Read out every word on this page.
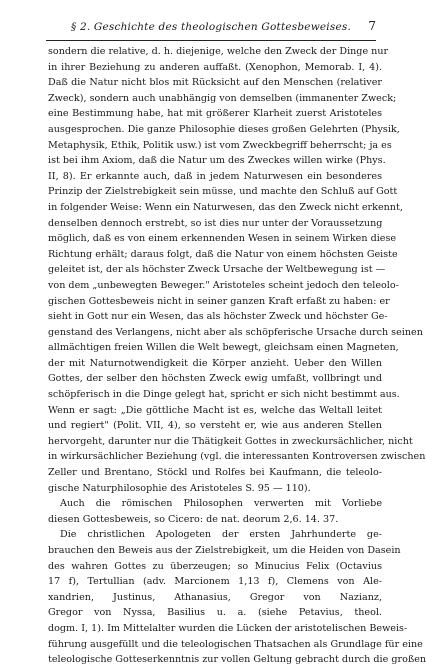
§ 2. Geschichte des theologischen Gottesbeweises. 7
sondern die relative, d. h. diejenige, welche den Zweck der Dinge nur
in ihrer Beziehung zu anderen auffaßt. (Xenophon, Memorab. I, 4).
Daß die Natur nicht blos mit Rücksicht auf den Menschen (relativer
Zweck), sondern auch unabhängig von demselben (immanenter Zweck;
eine Bestimmung habe, hat mit größerer Klarheit zuerst Aristoteles
ausgesprochen. Die ganze Philosophie dieses großen Gelehrten (Physik,
Metaphysik, Ethik, Politik usw.) ist vom Zweckbegriff beherrscht; ja es
ist bei ihm Axiom, daß die Natur um des Zweckes willen wirke (Phys.
II, 8). Er erkannte auch, daß in jedem Naturwesen ein besonderes
Prinzip der Zielstrebigkeit sein müsse, und machte den Schluß auf Gott
in folgender Weise: Wenn ein Naturwesen, das den Zweck nicht erkennt,
denselben dennoch erstrebt, so ist dies nur unter der Voraussetzung
möglich, daß es von einem erkennenden Wesen in seinem Wirken diese
Richtung erhält; daraus folgt, daß die Natur von einem höchsten Geiste
geleitet ist, der als höchster Zweck Ursache der Weltbewegung ist —
von dem „unbewegten Beweger." Aristoteles scheint jedoch den teleolo-
gischen Gottesbeweis nicht in seiner ganzen Kraft erfaßt zu haben: er
sieht in Gott nur ein Wesen, das als höchster Zweck und höchster Ge-
genstand des Verlangens, nicht aber als schöpferische Ursache durch seinen
allmächtigen freien Willen die Welt bewegt, gleichsam einen Magneten,
der mit Naturnotwendigkeit die Körper anzieht. Ueber den Willen
Gottes, der selber den höchsten Zweck ewig umfaßt, vollbringt und
schöpferisch in die Dinge gelegt hat, spricht er sich nicht bestimmt aus.
Wenn er sagt: „Die göttliche Macht ist es, welche das Weltall leitet
und regiert" (Polit. VII, 4), so versteht er, wie aus anderen Stellen
hervorgeht, darunter nur die Thätigkeit Gottes in zweckursächlicher, nicht
in wirkursächlicher Beziehung (vgl. die interessanten Kontroversen zwischen
Zeller und Brentano, Stöckl und Rolfes bei Kaufmann, die teleolo-
gische Naturphilosophie des Aristoteles S. 95 — 110).
Auch die römischen Philosophen verwerten mit Vorliebe
diesen Gottesbeweis, so Cicero: de nat. deorum 2,6. 14. 37.
Die christlichen Apologeten der ersten Jahrhunderte ge-
brauchen den Beweis aus der Zielstrebigkeit, um die Heiden von Dasein
des wahren Gottes zu überzeugen; so Minucius Felix (Octavius
17 f), Tertullian (adv. Marcionem 1,13 f), Clemens von Ale-
xandrien, Justinus, Athanasius, Gregor von Nazianz,
Gregor von Nyssa, Basilius u. a. (siehe Petavius, theol.
dogm. I, 1). Im Mittelalter wurden die Lücken der aristotelischen Beweis-
führung ausgefüllt und die teleologischen Thatsachen als Grundlage für eine
teleologische Gotteserkenntnis zur vollen Geltung gebracht durch die großen
